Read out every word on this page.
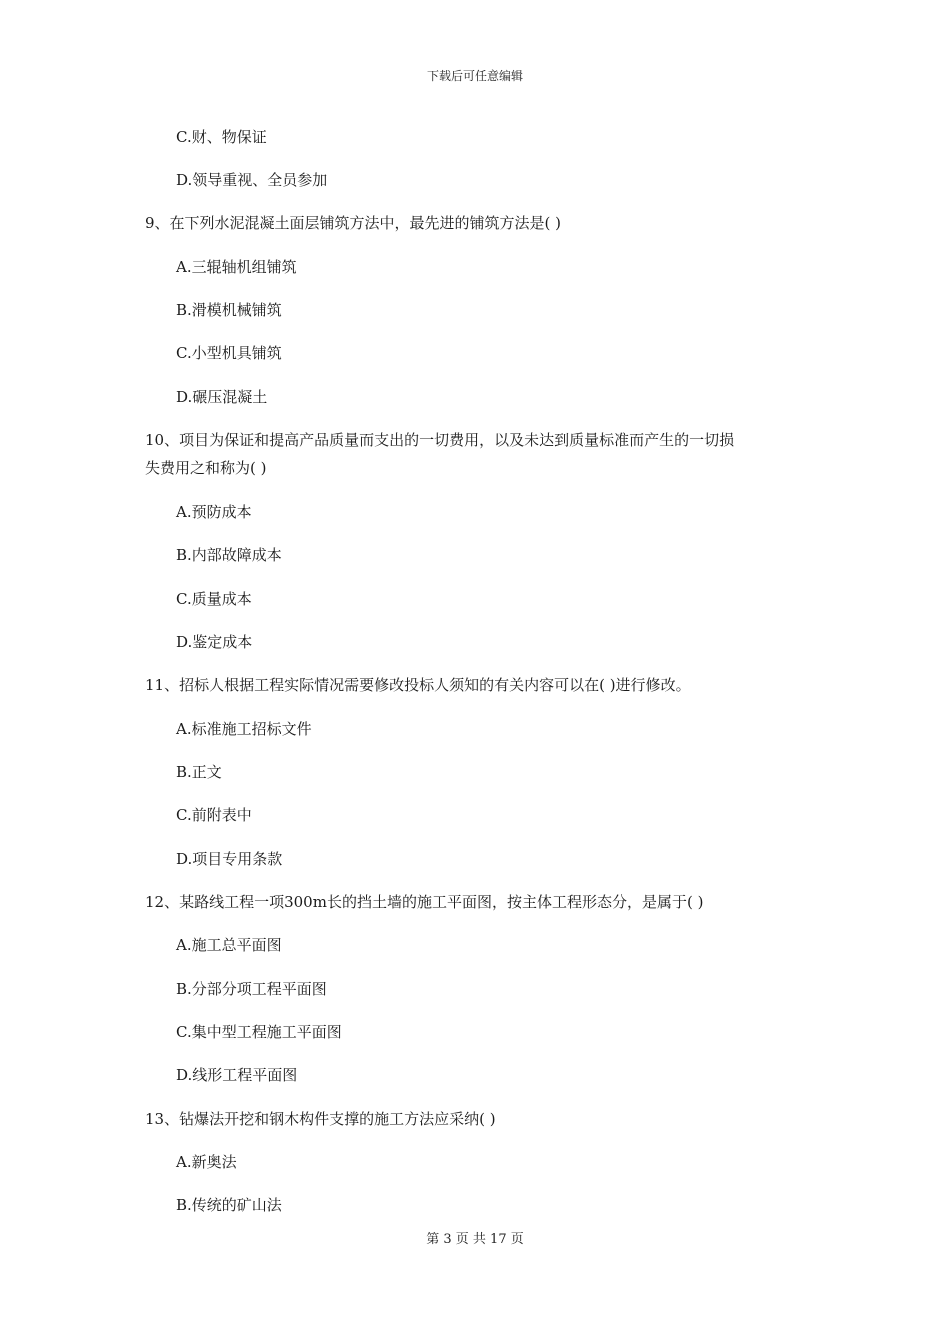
下载后可任意编辑
C.财、物保证
D.领导重视、全员参加
9、在下列水泥混凝土面层铺筑方法中，最先进的铺筑方法是( )
A.三辊轴机组铺筑
B.滑模机械铺筑
C.小型机具铺筑
D.碾压混凝土
10、项目为保证和提高产品质量而支出的一切费用，以及未达到质量标准而产生的一切损
失费用之和称为( )
A.预防成本
B.内部故障成本
C.质量成本
D.鉴定成本
11、招标人根据工程实际情况需要修改投标人须知的有关内容可以在( )进行修改。
A.标准施工招标文件
B.正文
C.前附表中
D.项目专用条款
12、某路线工程一项300m长的挡土墙的施工平面图，按主体工程形态分，是属于( )
A.施工总平面图
B.分部分项工程平面图
C.集中型工程施工平面图
D.线形工程平面图
13、钻爆法开挖和钢木构件支撑的施工方法应采纳( )
A.新奥法
B.传统的矿山法
第 3 页 共 17 页
